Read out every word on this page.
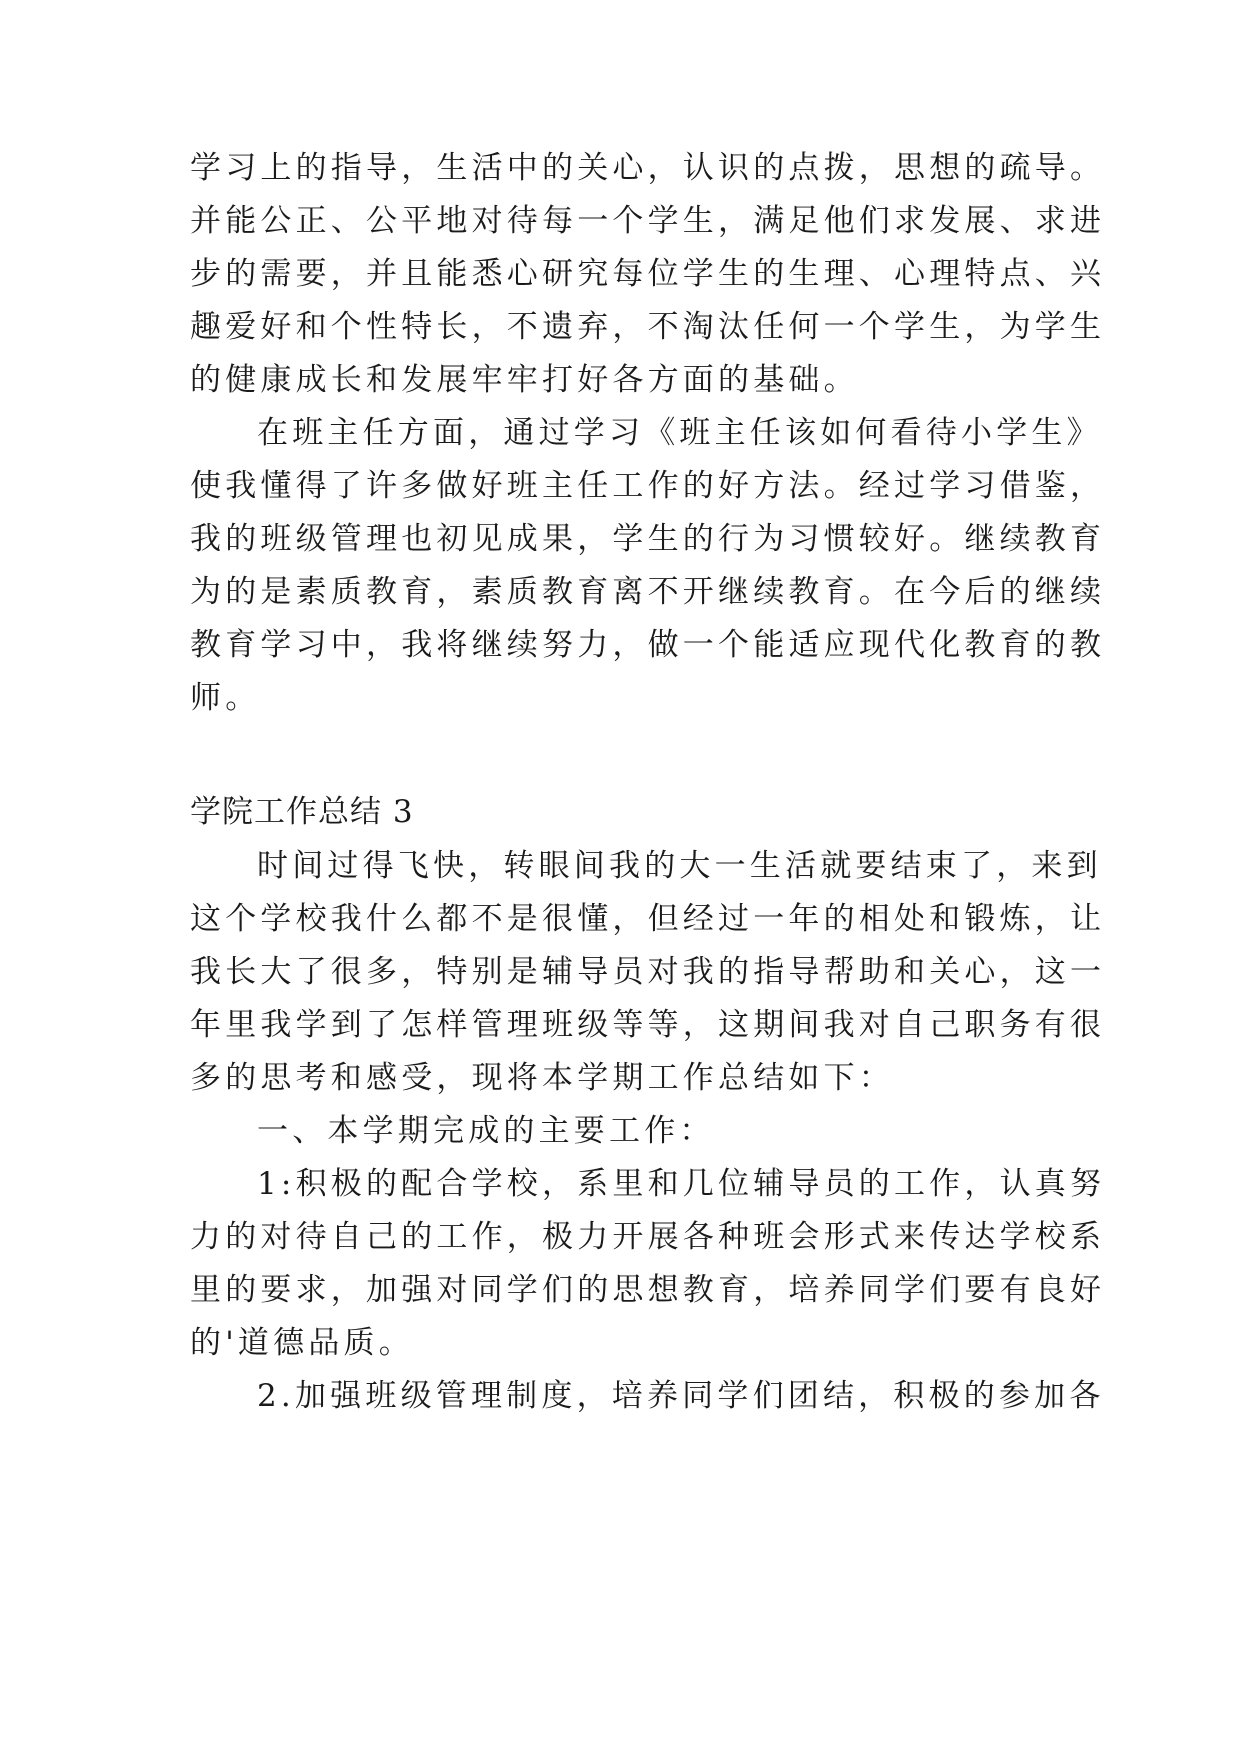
学习上的指导，生活中的关心，认识的点拨，思想的疏导。
并能公正、公平地对待每一个学生，满足他们求发展、求进
步的需要，并且能悉心研究每位学生的生理、心理特点、兴
趣爱好和个性特长，不遗弃，不淘汰任何一个学生，为学生
的健康成长和发展牢牢打好各方面的基础。
在班主任方面，通过学习《班主任该如何看待小学生》
使我懂得了许多做好班主任工作的好方法。经过学习借鉴，
我的班级管理也初见成果，学生的行为习惯较好。继续教育
为的是素质教育，素质教育离不开继续教育。在今后的继续
教育学习中，我将继续努力，做一个能适应现代化教育的教
师。
学院工作总结 3
时间过得飞快，转眼间我的大一生活就要结束了，来到
这个学校我什么都不是很懂，但经过一年的相处和锻炼，让
我长大了很多，特别是辅导员对我的指导帮助和关心，这一
年里我学到了怎样管理班级等等，这期间我对自己职务有很
多的思考和感受，现将本学期工作总结如下：
一、本学期完成的主要工作：
1:积极的配合学校，系里和几位辅导员的工作，认真努
力的对待自己的工作，极力开展各种班会形式来传达学校系
里的要求，加强对同学们的思想教育，培养同学们要有良好
的'道德品质。
2.加强班级管理制度，培养同学们团结，积极的参加各
